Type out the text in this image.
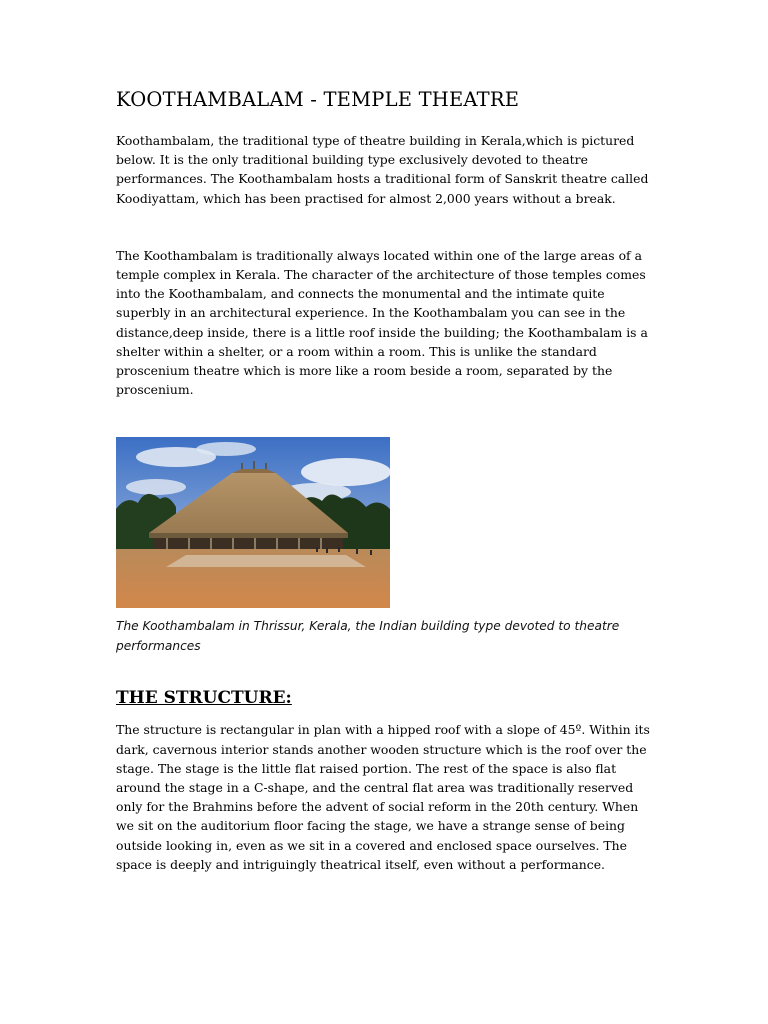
KOOTHAMBALAM - TEMPLE THEATRE

Koothambalam, the traditional type of theatre building in Kerala,which is pictured below. It is the only traditional building type exclusively devoted to theatre performances. The Koothambalam hosts a traditional form of Sanskrit theatre called Koodiyattam, which has been practised for almost 2,000 years without a break.

The Koothambalam is traditionally always located within one of the large areas of a temple complex in Kerala. The character of the architecture of those temples comes into the Koothambalam, and connects the monumental and the intimate quite superbly in an architectural experience. In the Koothambalam you can see in the distance,deep inside, there is a little roof inside the building; the Koothambalam is a shelter within a shelter, or a room within a room. This is unlike the standard proscenium theatre which is more like a room beside a room, separated by the proscenium.

The Koothambalam in Thrissur, Kerala, the Indian building type devoted to theatre performances

THE STRUCTURE:

The structure is rectangular in plan with a hipped roof with a slope of 45º. Within its dark, cavernous interior stands another wooden structure which is the roof over the stage. The stage is the little flat raised portion. The rest of the space is also flat around the stage in a C-shape, and the central flat area was traditionally reserved only for the Brahmins before the advent of social reform in the 20th century. When we sit on the auditorium floor facing the stage, we have a strange sense of being outside looking in, even as we sit in a covered and enclosed space ourselves. The space is deeply and intriguingly theatrical itself, even without a performance.
